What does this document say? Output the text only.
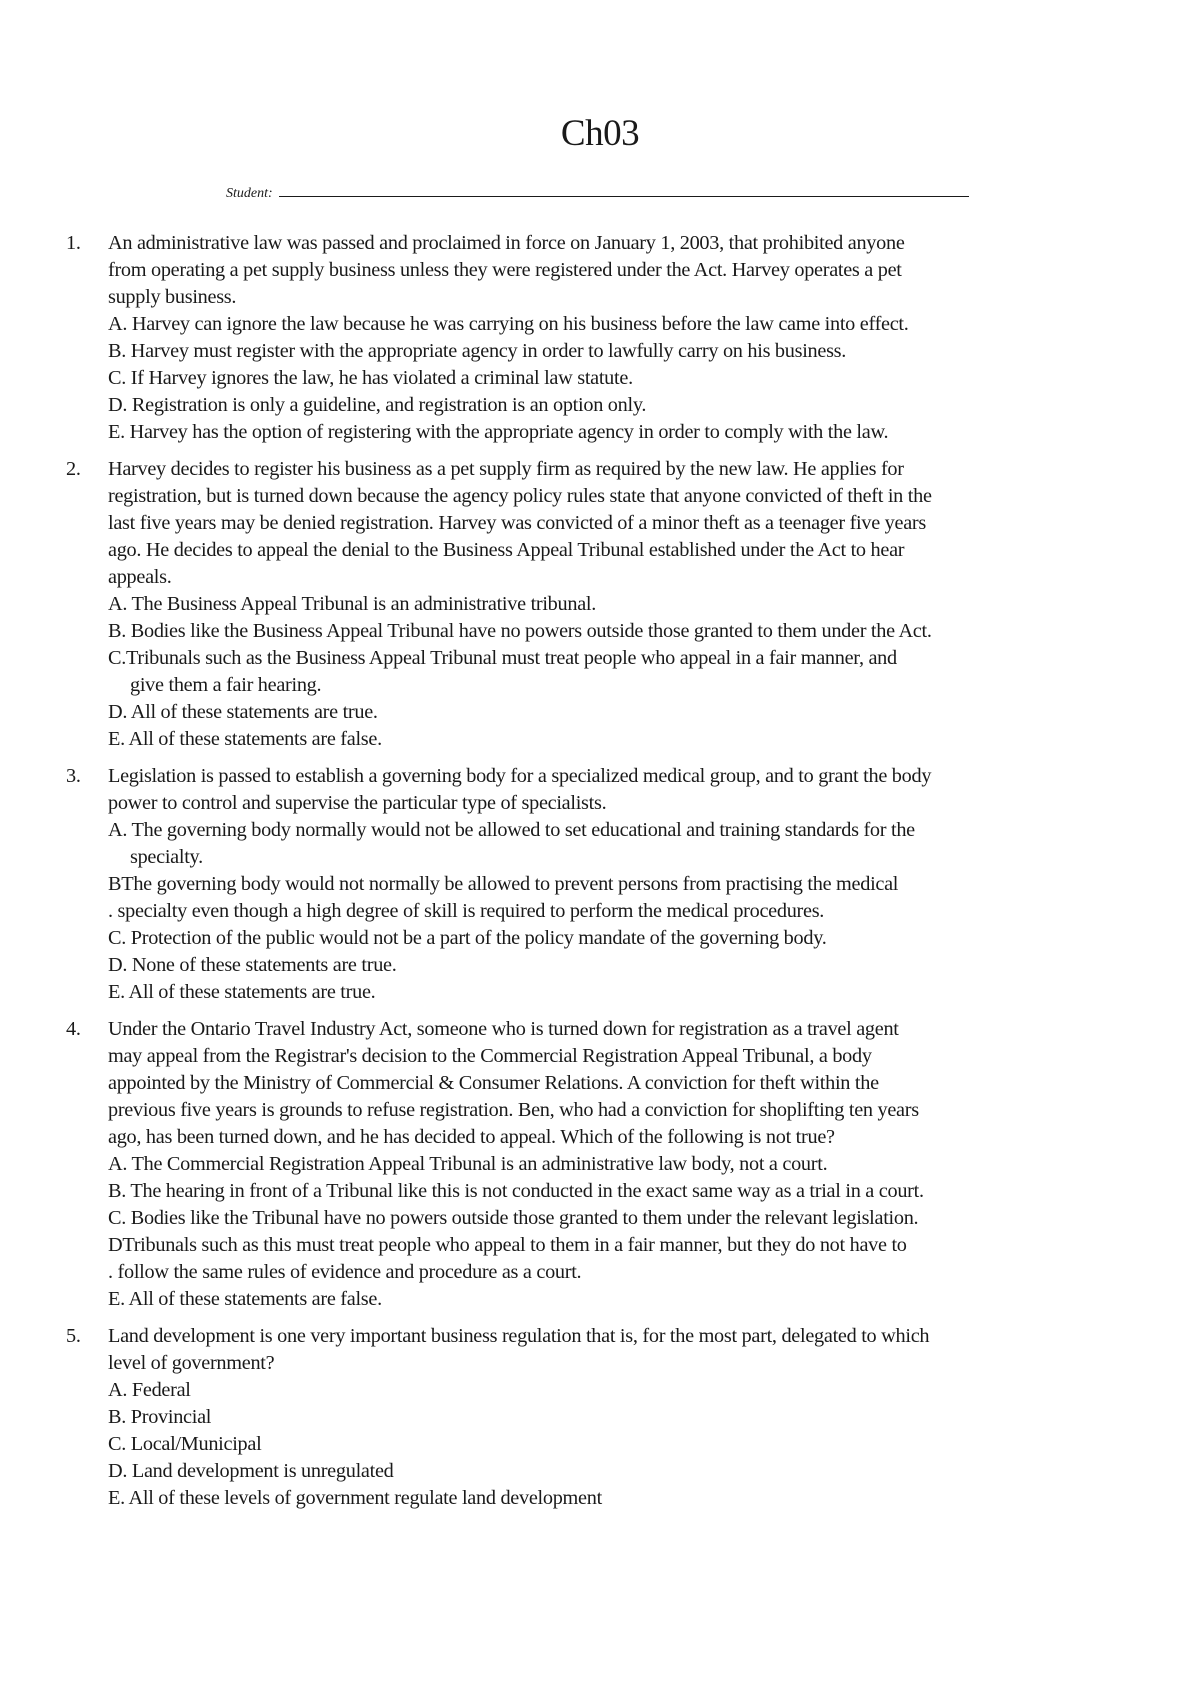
Ch03
Student:
1. An administrative law was passed and proclaimed in force on January 1, 2003, that prohibited anyone
from operating a pet supply business unless they were registered under the Act. Harvey operates a pet
supply business.
A. Harvey can ignore the law because he was carrying on his business before the law came into effect.
B. Harvey must register with the appropriate agency in order to lawfully carry on his business.
C. If Harvey ignores the law, he has violated a criminal law statute.
D. Registration is only a guideline, and registration is an option only.
E. Harvey has the option of registering with the appropriate agency in order to comply with the law.
2. Harvey decides to register his business as a pet supply firm as required by the new law. He applies for
registration, but is turned down because the agency policy rules state that anyone convicted of theft in the
last five years may be denied registration. Harvey was convicted of a minor theft as a teenager five years
ago. He decides to appeal the denial to the Business Appeal Tribunal established under the Act to hear
appeals.
A. The Business Appeal Tribunal is an administrative tribunal.
B. Bodies like the Business Appeal Tribunal have no powers outside those granted to them under the Act.
C.Tribunals such as the Business Appeal Tribunal must treat people who appeal in a fair manner, and
give them a fair hearing.
D. All of these statements are true.
E. All of these statements are false.
3. Legislation is passed to establish a governing body for a specialized medical group, and to grant the body
power to control and supervise the particular type of specialists.
A. The governing body normally would not be allowed to set educational and training standards for the
specialty.
BThe governing body would not normally be allowed to prevent persons from practising the medical
. specialty even though a high degree of skill is required to perform the medical procedures.
C. Protection of the public would not be a part of the policy mandate of the governing body.
D. None of these statements are true.
E. All of these statements are true.
4. Under the Ontario Travel Industry Act, someone who is turned down for registration as a travel agent
may appeal from the Registrar's decision to the Commercial Registration Appeal Tribunal, a body
appointed by the Ministry of Commercial & Consumer Relations. A conviction for theft within the
previous five years is grounds to refuse registration. Ben, who had a conviction for shoplifting ten years
ago, has been turned down, and he has decided to appeal. Which of the following is not true?
A. The Commercial Registration Appeal Tribunal is an administrative law body, not a court.
B. The hearing in front of a Tribunal like this is not conducted in the exact same way as a trial in a court.
C. Bodies like the Tribunal have no powers outside those granted to them under the relevant legislation.
DTribunals such as this must treat people who appeal to them in a fair manner, but they do not have to
. follow the same rules of evidence and procedure as a court.
E. All of these statements are false.
5. Land development is one very important business regulation that is, for the most part, delegated to which
level of government?
A. Federal
B. Provincial
C. Local/Municipal
D. Land development is unregulated
E. All of these levels of government regulate land development
